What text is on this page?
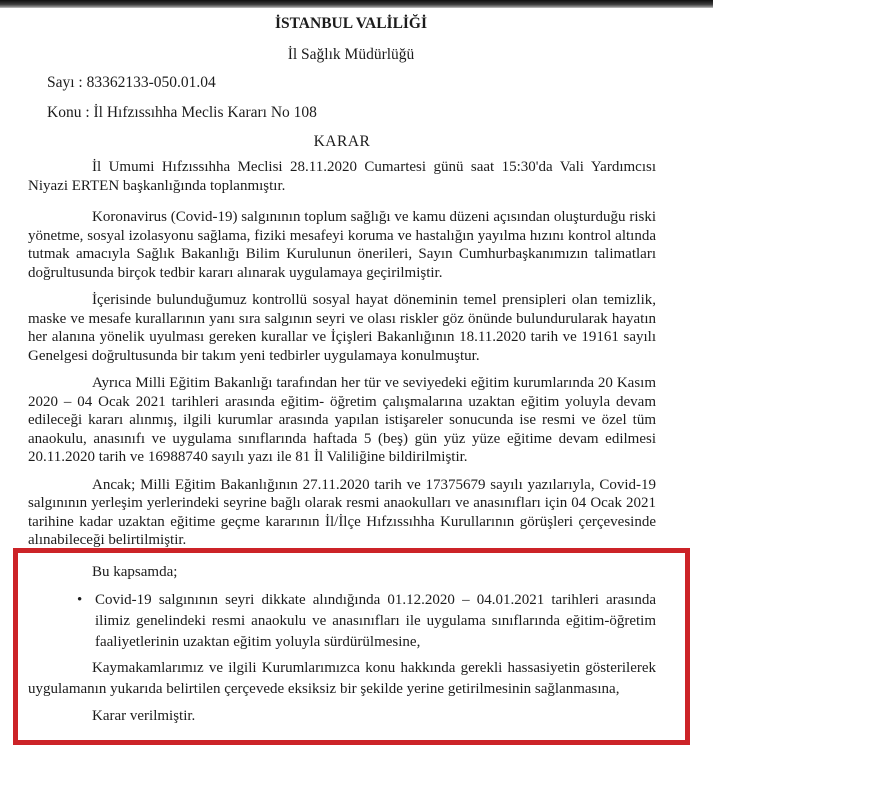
İSTANBUL VALİLİĞİ

İl Sağlık Müdürlüğü

Sayı : 83362133-050.01.04

Konu : İl Hıfzıssıhha Meclis Kararı No 108

KARAR

İl Umumi Hıfzıssıhha Meclisi 28.11.2020 Cumartesi günü saat 15:30'da Vali Yardımcısı Niyazi ERTEN başkanlığında toplanmıştır.

Koronavirus (Covid-19) salgınının toplum sağlığı ve kamu düzeni açısından oluşturduğu riski yönetme, sosyal izolasyonu sağlama, fiziki mesafeyi koruma ve hastalığın yayılma hızını kontrol altında tutmak amacıyla Sağlık Bakanlığı Bilim Kurulunun önerileri, Sayın Cumhurbaşkanımızın talimatları doğrultusunda birçok tedbir kararı alınarak uygulamaya geçirilmiştir.

İçerisinde bulunduğumuz kontrollü sosyal hayat döneminin temel prensipleri olan temizlik, maske ve mesafe kurallarının yanı sıra salgının seyri ve olası riskler göz önünde bulundurularak hayatın her alanına yönelik uyulması gereken kurallar ve İçişleri Bakanlığının 18.11.2020 tarih ve 19161 sayılı Genelgesi doğrultusunda bir takım yeni tedbirler uygulamaya konulmuştur.

Ayrıca Milli Eğitim Bakanlığı tarafından her tür ve seviyedeki eğitim kurumlarında 20 Kasım 2020 – 04 Ocak 2021 tarihleri arasında eğitim- öğretim çalışmalarına uzaktan eğitim yoluyla devam edileceği kararı alınmış, ilgili kurumlar arasında yapılan istişareler sonucunda ise resmi ve özel tüm anaokulu, anasınıfı ve uygulama sınıflarında haftada 5 (beş) gün yüz yüze eğitime devam edilmesi 20.11.2020 tarih ve 16988740 sayılı yazı ile 81 İl Valiliğine bildirilmiştir.

Ancak; Milli Eğitim Bakanlığının 27.11.2020 tarih ve 17375679 sayılı yazılarıyla, Covid-19 salgınının yerleşim yerlerindeki seyrine bağlı olarak resmi anaokulları ve anasınıfları için 04 Ocak 2021 tarihine kadar uzaktan eğitime geçme kararının İl/İlçe Hıfzıssıhha Kurullarının görüşleri çerçevesinde alınabileceği belirtilmiştir.

Bu kapsamda;

• Covid-19 salgınının seyri dikkate alındığında 01.12.2020 – 04.01.2021 tarihleri arasında ilimiz genelindeki resmi anaokulu ve anasınıfları ile uygulama sınıflarında eğitim-öğretim faaliyetlerinin uzaktan eğitim yoluyla sürdürülmesine,

Kaymakamlarımız ve ilgili Kurumlarımızca konu hakkında gerekli hassasiyetin gösterilerek uygulamanın yukarıda belirtilen çerçevede eksiksiz bir şekilde yerine getirilmesinin sağlanmasına,

Karar verilmiştir.
